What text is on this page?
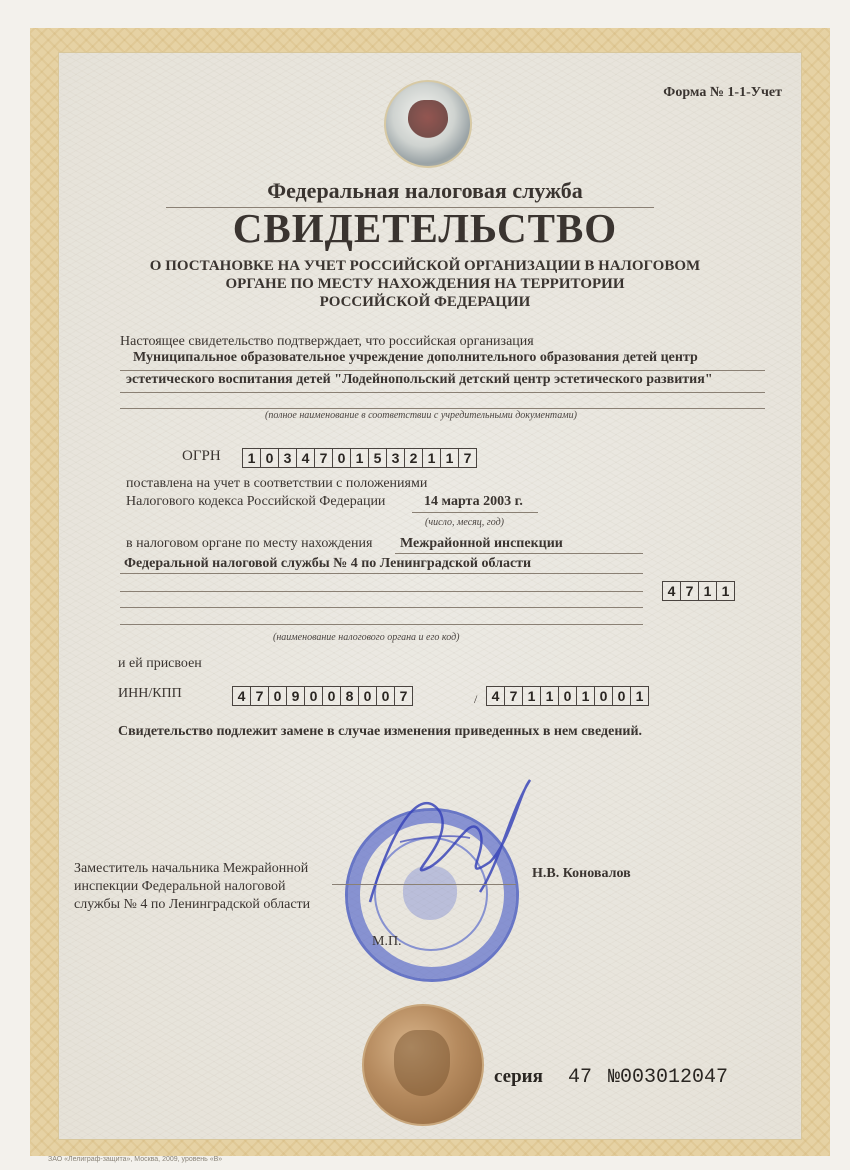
Форма № 1-1-Учет
Федеральная налоговая служба
СВИДЕТЕЛЬСТВО
О ПОСТАНОВКЕ НА УЧЕТ РОССИЙСКОЙ ОРГАНИЗАЦИИ В НАЛОГОВОМ
ОРГАНЕ ПО МЕСТУ НАХОЖДЕНИЯ НА ТЕРРИТОРИИ
РОССИЙСКОЙ ФЕДЕРАЦИИ
Настоящее свидетельство подтверждает, что российская организация
Муниципальное образовательное учреждение дополнительного образования детей центр
эстетического воспитания детей "Лодейнопольский детский центр эстетического развития"
(полное наименование в соответствии с учредительными документами)
ОГРН	1 0 3 4 7 0 1 5 3 2 1 1 7
поставлена на учет в соответствии с положениями
Налогового кодекса Российской Федерации	14 марта 2003 г.
(число, месяц, год)
в налоговом органе по месту нахождения Межрайонной инспекции
Федеральной налоговой службы № 4 по Ленинградской области
4 7 1 1
(наименование налогового органа и его код)
и ей присвоен
ИНН/КПП	4 7 0 9 0 0 8 0 0 7	/	4 7 1 1 0 1 0 0 1
Свидетельство подлежит замене в случае изменения приведенных в нем сведений.
Заместитель начальника Межрайонной
инспекции Федеральной налоговой
службы № 4 по Ленинградской области
Н.В. Коновалов
М.П.
серия 47 №003012047
ЗАО «Лелиграф-защита», Москва, 2009, уровень «В»
